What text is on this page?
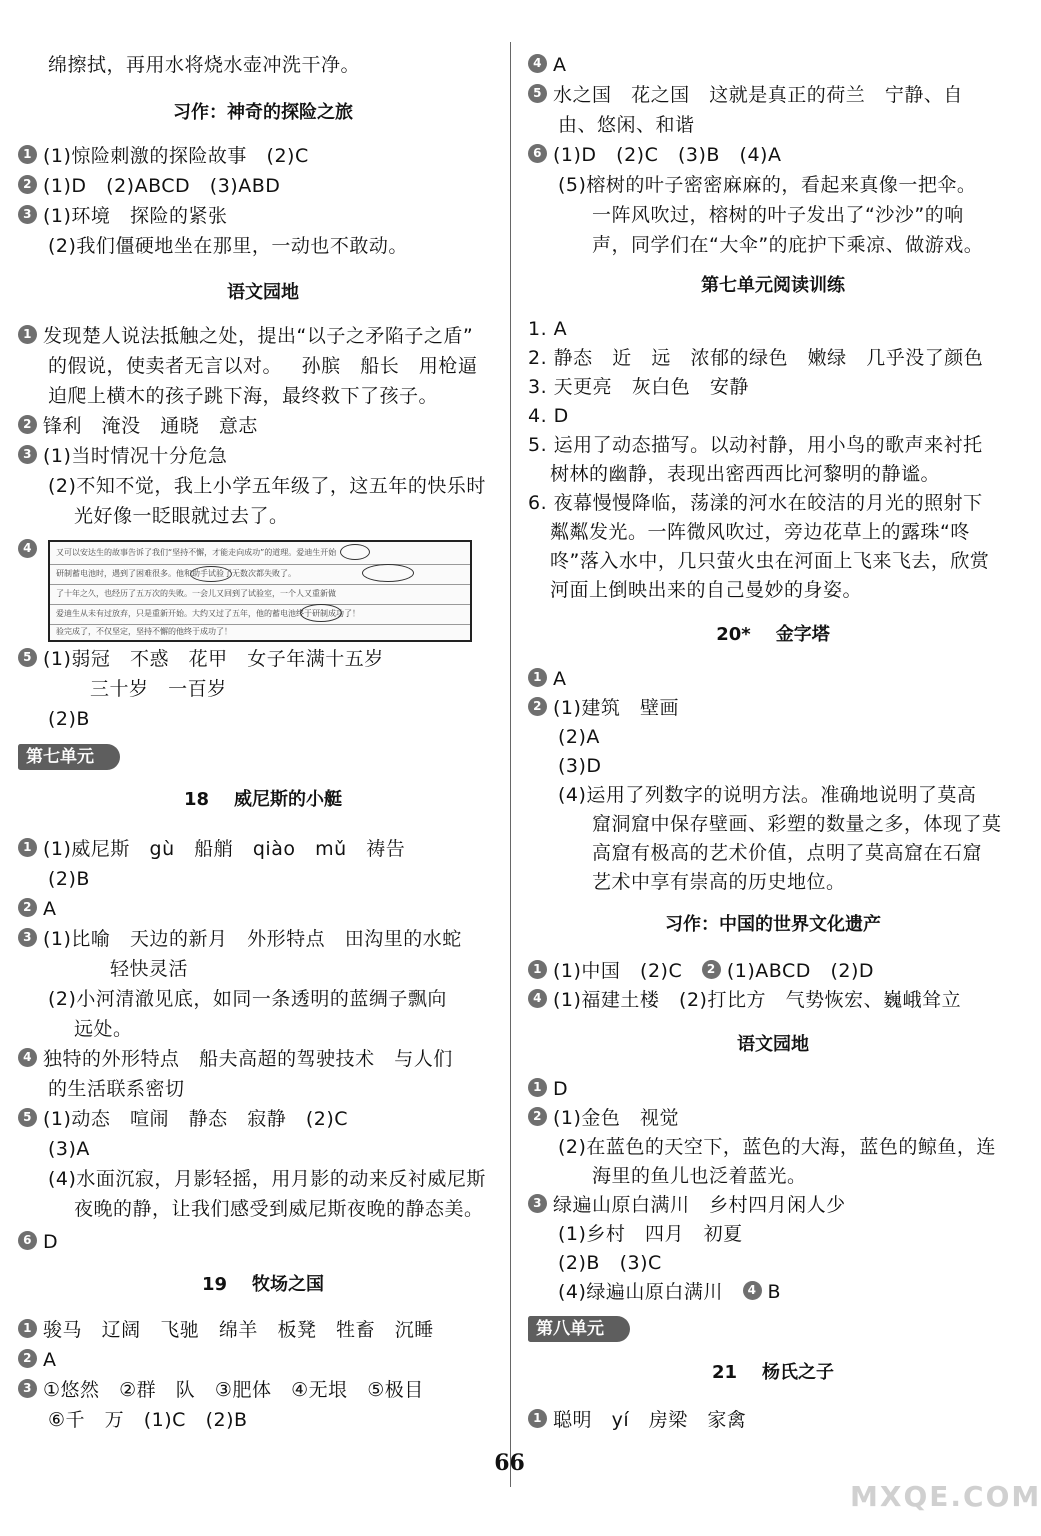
绵擦拭，再用水将烧水壶冲洗干净。
习作：神奇的探险之旅
1 (1)惊险刺激的探险故事   (2)C
2 (1)D   (2)ABCD   (3)ABD
3 (1)环境   探险的紧张
(2)我们僵硬地坐在那里，一动也不敢动。
语文园地
1 发现楚人说法抵触之处，提出“以子之矛陷子之盾”
的假说，使卖者无言以对。   孙膑   船长   用枪逼
迫爬上横木的孩子跳下海，最终救下了孩子。
2 锋利   淹没   通晓   意志
3 (1)当时情况十分危急
(2)不知不觉，我上小学五年级了，这五年的快乐时
光好像一眨眼就过去了。
4	又可以安达生的故事告诉了我们“坚持不懈，才能走向成功”的道理。爱迪生开始
研制蓄电池时，遇到了困难很多。他和助手试验了无数次都失败了。
了十年之久，也经历了五万次的失败。一会儿又回到了试验室，一个人又重新做
爱迪生从未有过放弃，只是重新开始。大约又过了五年，他的蓄电池终于研制成功了！
验完成了，不仅坚定，坚持不懈的他终于成功了！
5 (1)弱冠   不惑   花甲   女子年满十五岁
三十岁   一百岁
(2)B
第七单元
18    威尼斯的小艇
1 (1)威尼斯   gù   船艄   qiào   mǔ   祷告
(2)B
2 A
3 (1)比喻   天边的新月   外形特点   田沟里的水蛇
轻快灵活
(2)小河清澈见底，如同一条透明的蓝绸子飘向
远处。
4 独特的外形特点   船夫高超的驾驶技术   与人们
的生活联系密切
5 (1)动态   喧闹   静态   寂静   (2)C
(3)A
(4)水面沉寂，月影轻摇，用月影的动来反衬威尼斯
夜晚的静，让我们感受到威尼斯夜晚的静态美。
6 D
19    牧场之国
1 骏马   辽阔   飞驰   绵羊   板凳   牲畜   沉睡
2 A
3 ①悠然   ②群   队   ③肥体   ④无垠   ⑤极目
⑥千   万   (1)C   (2)B
4 A
5 水之国   花之国   这就是真正的荷兰   宁静、自
由、悠闲、和谐
6 (1)D   (2)C   (3)B   (4)A
(5)榕树的叶子密密麻麻的，看起来真像一把伞。
一阵风吹过，榕树的叶子发出了“沙沙”的响
声，同学们在“大伞”的庇护下乘凉、做游戏。
第七单元阅读训练
1. A
2. 静态   近   远   浓郁的绿色   嫩绿   几乎没了颜色
3. 天更亮   灰白色   安静
4. D
5. 运用了动态描写。以动衬静，用小鸟的歌声来衬托
树林的幽静，表现出密西西比河黎明的静谧。
6. 夜幕慢慢降临，荡漾的河水在皎洁的月光的照射下
粼粼发光。一阵微风吹过，旁边花草上的露珠“咚
咚”落入水中，几只萤火虫在河面上飞来飞去，欣赏
河面上倒映出来的自己曼妙的身姿。
20*    金字塔
1 A
2 (1)建筑   壁画
(2)A
(3)D
(4)运用了列数字的说明方法。准确地说明了莫高
窟洞窟中保存壁画、彩塑的数量之多，体现了莫
高窟有极高的艺术价值，点明了莫高窟在石窟
艺术中享有崇高的历史地位。
习作：中国的世界文化遗产
1 (1)中国   (2)C 2 (1)ABCD   (2)D
4 (1)福建土楼   (2)打比方   气势恢宏、巍峨耸立
语文园地
1 D
2 (1)金色   视觉
(2)在蓝色的天空下，蓝色的大海，蓝色的鲸鱼，连
海里的鱼儿也泛着蓝光。
3 绿遍山原白满川   乡村四月闲人少
(1)乡村   四月   初夏
(2)B   (3)C
(4)绿遍山原白满川 4 B
第八单元
21    杨氏之子
1 聪明   yí   房梁   家禽
66
MXQE.COM
